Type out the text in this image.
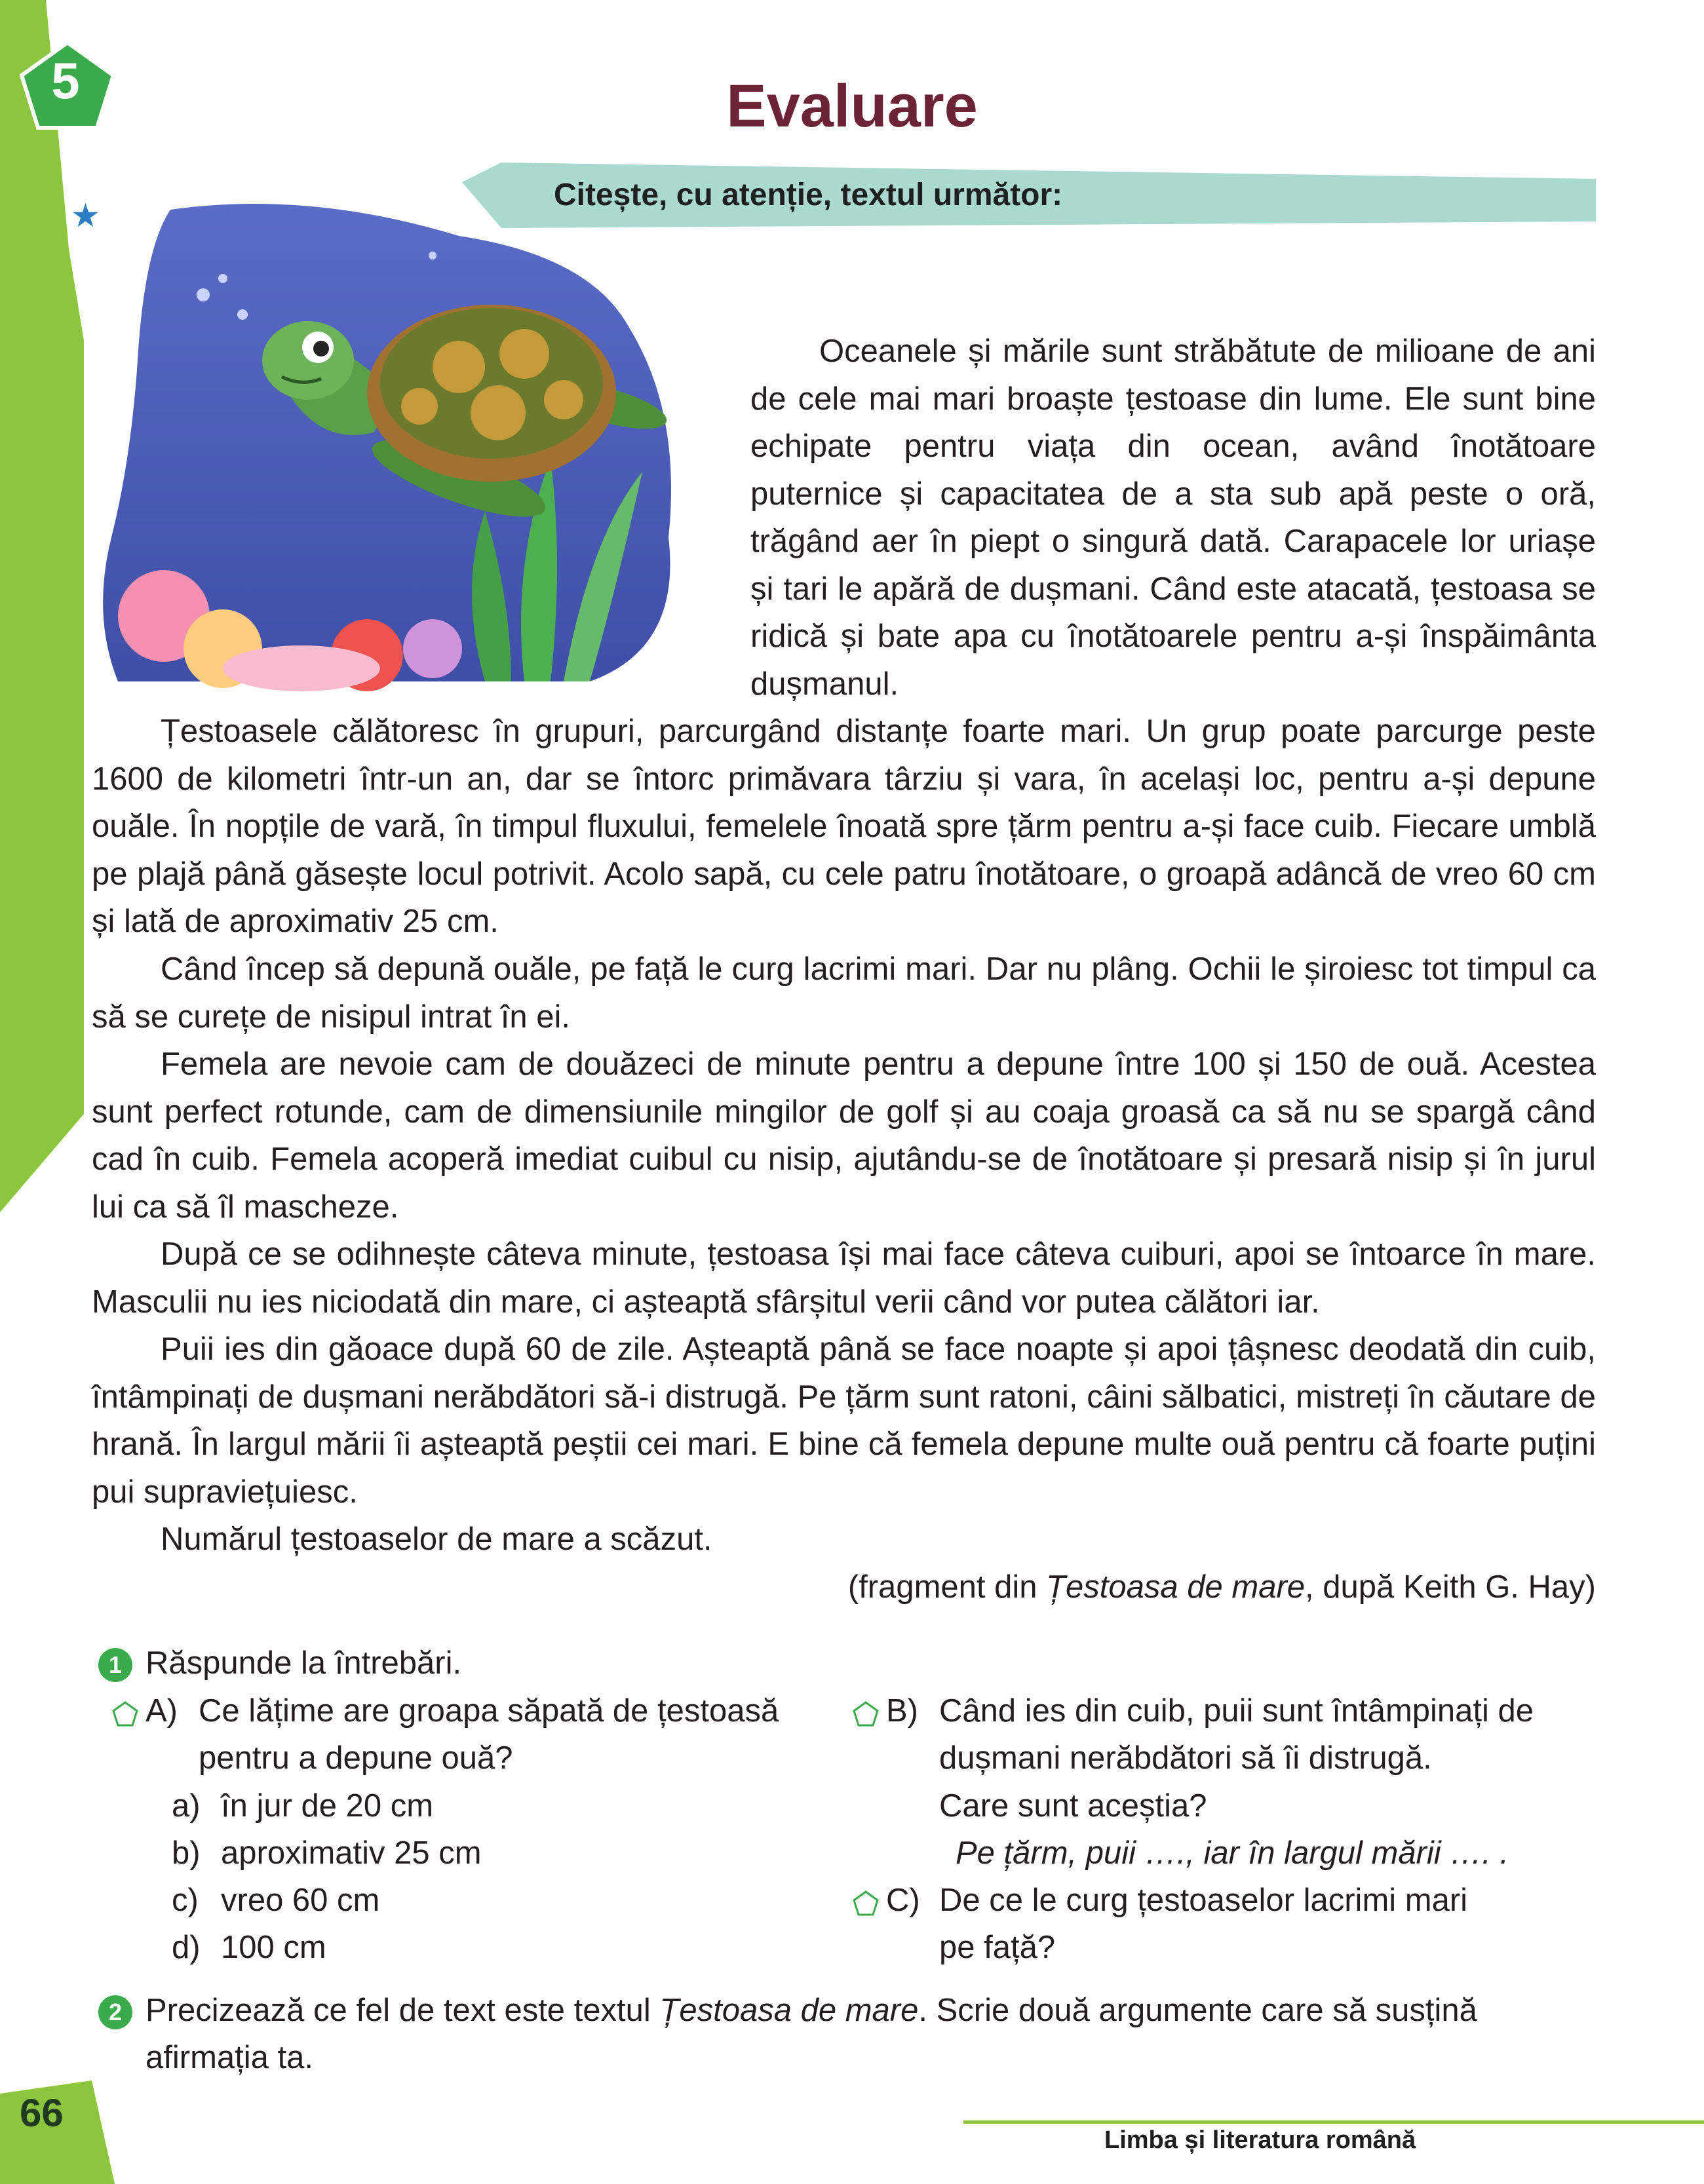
5
★
Evaluare
Citește, cu atenție, textul următor:

Oceanele și mările sunt străbătute de milioane de ani de cele mai mari broaște țestoase din lume. Ele sunt bine echipate pentru viața din ocean, având înotătoare puternice și capacitatea de a sta sub apă peste o oră, trăgând aer în piept o singură dată. Carapacele lor uriașe și tari le apără de dușmani. Când este atacată, țestoasa se ridică și bate apa cu înotătoarele pentru a-și înspăimânta dușmanul.

Țestoasele călătoresc în grupuri, parcurgând distanțe foarte mari. Un grup poate parcurge peste 1600 de kilometri într-un an, dar se întorc primăvara târziu și vara, în același loc, pentru a-și depune ouăle. În nopțile de vară, în timpul fluxului, femelele înoată spre țărm pentru a-și face cuib. Fiecare umblă pe plajă până găsește locul potrivit. Acolo sapă, cu cele patru înotătoare, o groapă adâncă de vreo 60 cm și lată de aproximativ 25 cm.

Când încep să depună ouăle, pe față le curg lacrimi mari. Dar nu plâng. Ochii le șiroiesc tot timpul ca să se curețe de nisipul intrat în ei.

Femela are nevoie cam de douăzeci de minute pentru a depune între 100 și 150 de ouă. Acestea sunt perfect rotunde, cam de dimensiunile mingilor de golf și au coaja groasă ca să nu se spargă când cad în cuib. Femela acoperă imediat cuibul cu nisip, ajutându-se de înotătoare și presară nisip și în jurul lui ca să îl mascheze.

După ce se odihnește câteva minute, țestoasa își mai face câteva cuiburi, apoi se întoarce în mare. Masculii nu ies niciodată din mare, ci așteaptă sfârșitul verii când vor putea călători iar.

Puii ies din găoace după 60 de zile. Așteaptă până se face noapte și apoi țâșnesc deodată din cuib, întâmpinați de dușmani nerăbdători să-i distrugă. Pe țărm sunt ratoni, câini sălbatici, mistreți în căutare de hrană. În largul mării îi așteaptă peștii cei mari. E bine că femela depune multe ouă pentru că foarte puțini pui supraviețuiesc.

Numărul țestoaselor de mare a scăzut.

(fragment din Țestoasa de mare, după Keith G. Hay)
1 Răspunde la întrebări.
A) Ce lățime are groapa săpată de țestoasă
pentru a depune ouă?
a) în jur de 20 cm
b) aproximativ 25 cm
c) vreo 60 cm
d) 100 cm
B) Când ies din cuib, puii sunt întâmpinați de
dușmani nerăbdători să îi distrugă.
Care sunt aceștia?
Pe țărm, puii …., iar în largul mării …. .
C) De ce le curg țestoaselor lacrimi mari
pe față?
2 Precizează ce fel de text este textul Țestoasa de mare. Scrie două argumente care să susțină
afirmația ta.
66
Limba și literatura română
